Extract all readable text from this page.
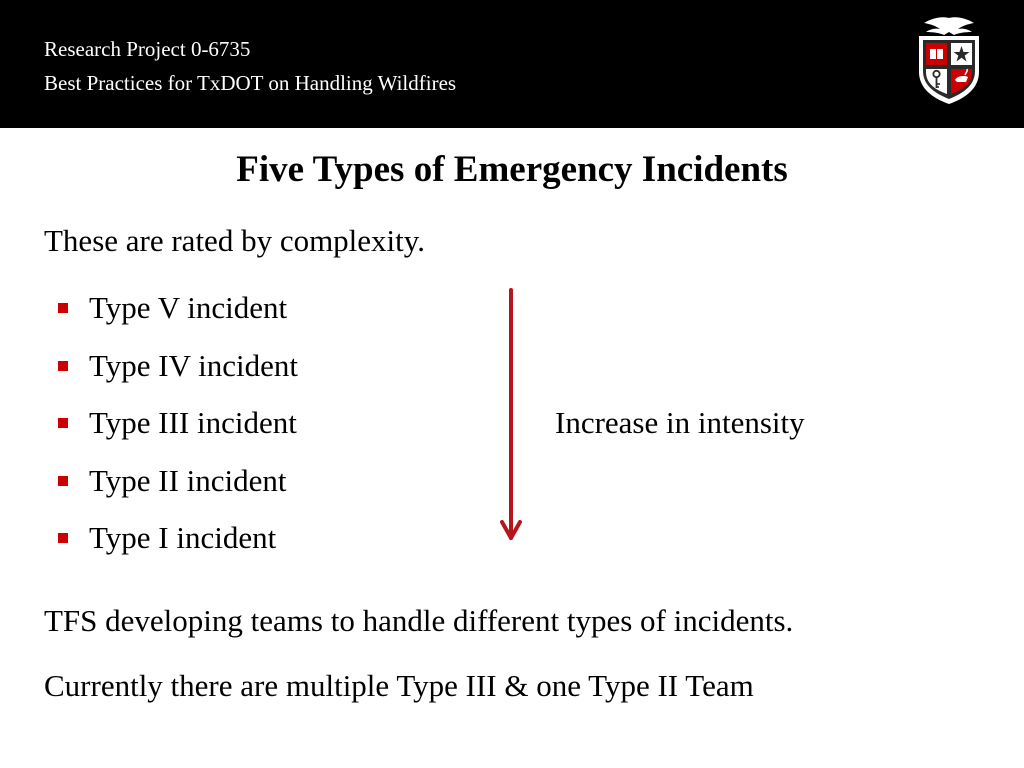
Research Project 0-6735
Best Practices for TxDOT on Handling Wildfires
Five Types of Emergency Incidents
These are rated by complexity.
Type V incident
Type IV incident
Type III incident
Type II incident
Type I incident
Increase in intensity
TFS developing teams to handle different types of incidents.
Currently there are multiple Type III & one Type II Team
